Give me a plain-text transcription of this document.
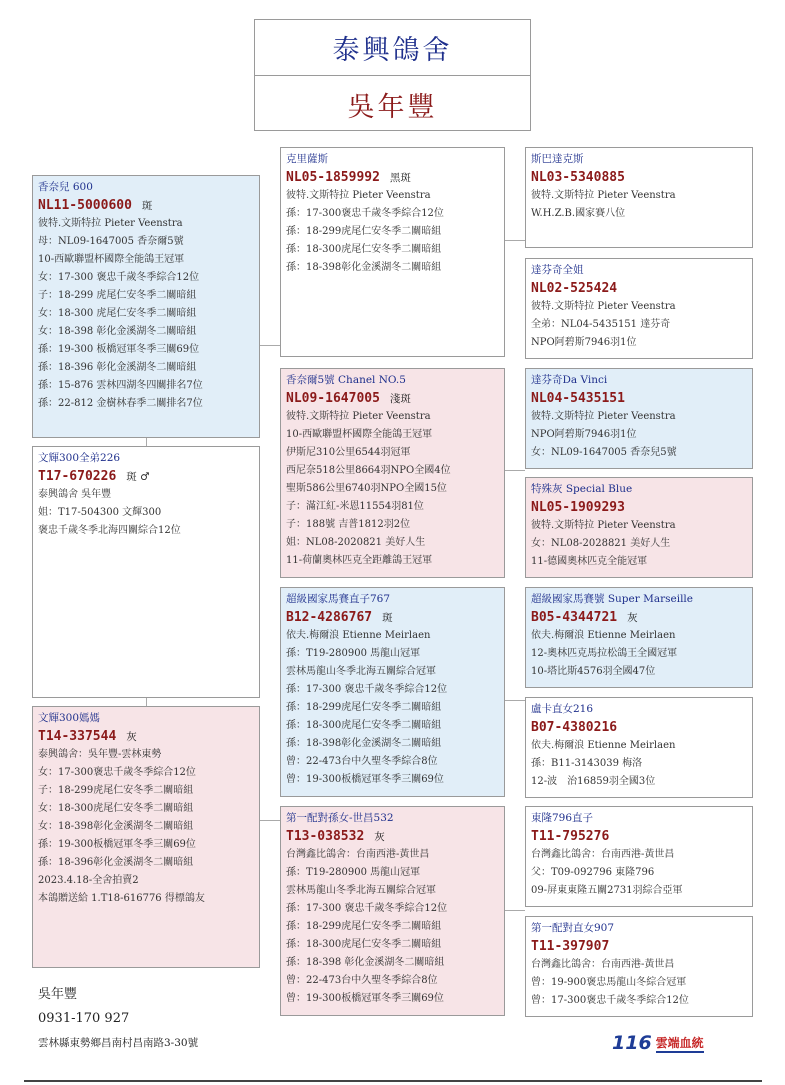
泰興鴿舍
吳年豐
香奈兒 600
NL11-5000600 斑
彼特.文斯特拉 Pieter Veenstra
母：NL09-1647005 香奈爾5號
10-西歐聯盟杯國際全能鴿王冠軍
女：17-300 褒忠千歲冬季綜合12位
子：18-299 虎尾仁安冬季二關暗組
女：18-300 虎尾仁安冬季二關暗組
女：18-398 彰化金溪湖冬二關暗組
孫：19-300 板橋冠軍冬季三關69位
孫：18-396 彰化金溪湖冬二關暗組
孫：15-876 雲林四湖冬四關排名7位
孫：22-812 金樹林春季二關排名7位
文輝300全弟226
T17-670226 斑 ♂
泰興鴿舍 吳年豐
姐：T17-504300 文輝300
褒忠千歲冬季北海四關綜合12位
文輝300媽媽
T14-337544 灰
泰興鴿舍：吳年豐-雲林東勢
女：17-300褒忠千歲冬季綜合12位
子：18-299虎尾仁安冬季二關暗組
女：18-300虎尾仁安冬季二關暗組
女：18-398彰化金溪湖冬二關暗組
孫：19-300板橋冠軍冬季三關69位
孫：18-396彰化金溪湖冬二關暗組
2023.4.18-全舍拍賣2
本鴿贈送給 1.T18-616776 得標鴿友
克里薩斯
NL05-1859992 黑斑
彼特.文斯特拉 Pieter Veenstra
孫：17-300褒忠千歲冬季綜合12位
孫：18-299虎尾仁安冬季二關暗組
孫：18-300虎尾仁安冬季二關暗組
孫：18-398彰化金溪湖冬二關暗組
香奈爾5號 Chanel NO.5
NL09-1647005 淺斑
彼特.文斯特拉 Pieter Veenstra
10-西歐聯盟杯國際全能鴿王冠軍
伊斯尼310公里6544羽冠軍
西尼奈518公里8664羽NPO全國4位
聖斯586公里6740羽NPO全國15位
子：滿江紅-米恩11554羽81位
子：188號 吉普1812羽2位
姐：NL08-2020821 美好人生
11-荷蘭奧林匹克全距離鴿王冠軍
超級國家馬賽直子767
B12-4286767 斑
依夫.梅爾浪 Etienne Meirlaen
孫：T19-280900 馬龍山冠軍
雲林馬龍山冬季北海五關綜合冠軍
孫：17-300 褒忠千歲冬季綜合12位
孫：18-299虎尾仁安冬季二關暗組
孫：18-300虎尾仁安冬季二關暗組
孫：18-398彰化金溪湖冬二關暗組
曾：22-473台中久聖冬季綜合8位
曾：19-300板橋冠軍冬季三關69位
第一配對孫女-世昌532
T13-038532 灰
台灣鑫比鴿舍：台南西港-黃世昌
孫：T19-280900 馬龍山冠軍
雲林馬龍山冬季北海五關綜合冠軍
孫：17-300 褒忠千歲冬季綜合12位
孫：18-299虎尾仁安冬季二關暗組
孫：18-300虎尾仁安冬季二關暗組
孫：18-398 彰化金溪湖冬二關暗組
曾：22-473台中久聖冬季綜合8位
曾：19-300板橋冠軍冬季三關69位
斯巴達克斯
NL03-5340885
彼特.文斯特拉 Pieter Veenstra
W.H.Z.B.國家賽八位
達芬奇全姐
NL02-525424
彼特.文斯特拉 Pieter Veenstra
全弟：NL04-5435151 達芬奇
NPO阿碧斯7946羽1位
達芬奇Da Vinci
NL04-5435151
彼特.文斯特拉 Pieter Veenstra
NPO阿碧斯7946羽1位
女：NL09-1647005 香奈兒5號
特殊灰 Special Blue
NL05-1909293
彼特.文斯特拉 Pieter Veenstra
女：NL08-2028821 美好人生
11-德國奧林匹克全能冠軍
超級國家馬賽號 Super Marseille
B05-4344721 灰
依夫.梅爾浪 Etienne Meirlaen
12-奧林匹克馬拉松鴿王全國冠軍
10-塔比斯4576羽全國47位
盧卡直女216
B07-4380216
依夫.梅爾浪 Etienne Meirlaen
孫：B11-3143039 梅洛
12-波　治16859羽全國3位
東隆796直子
T11-795276
台灣鑫比鴿舍：台南西港-黃世昌
父：T09-092796 東隆796
09-屏東東隆五關2731羽綜合亞軍
第一配對直女907
T11-397907
台灣鑫比鴿舍：台南西港-黃世昌
曾：19-900褒忠馬龍山冬綜合冠軍
曾：17-300褒忠千歲冬季綜合12位
吳年豐
0931-170 927
雲林縣東勢鄉昌南村昌南路3-30號	116 雲端血統
